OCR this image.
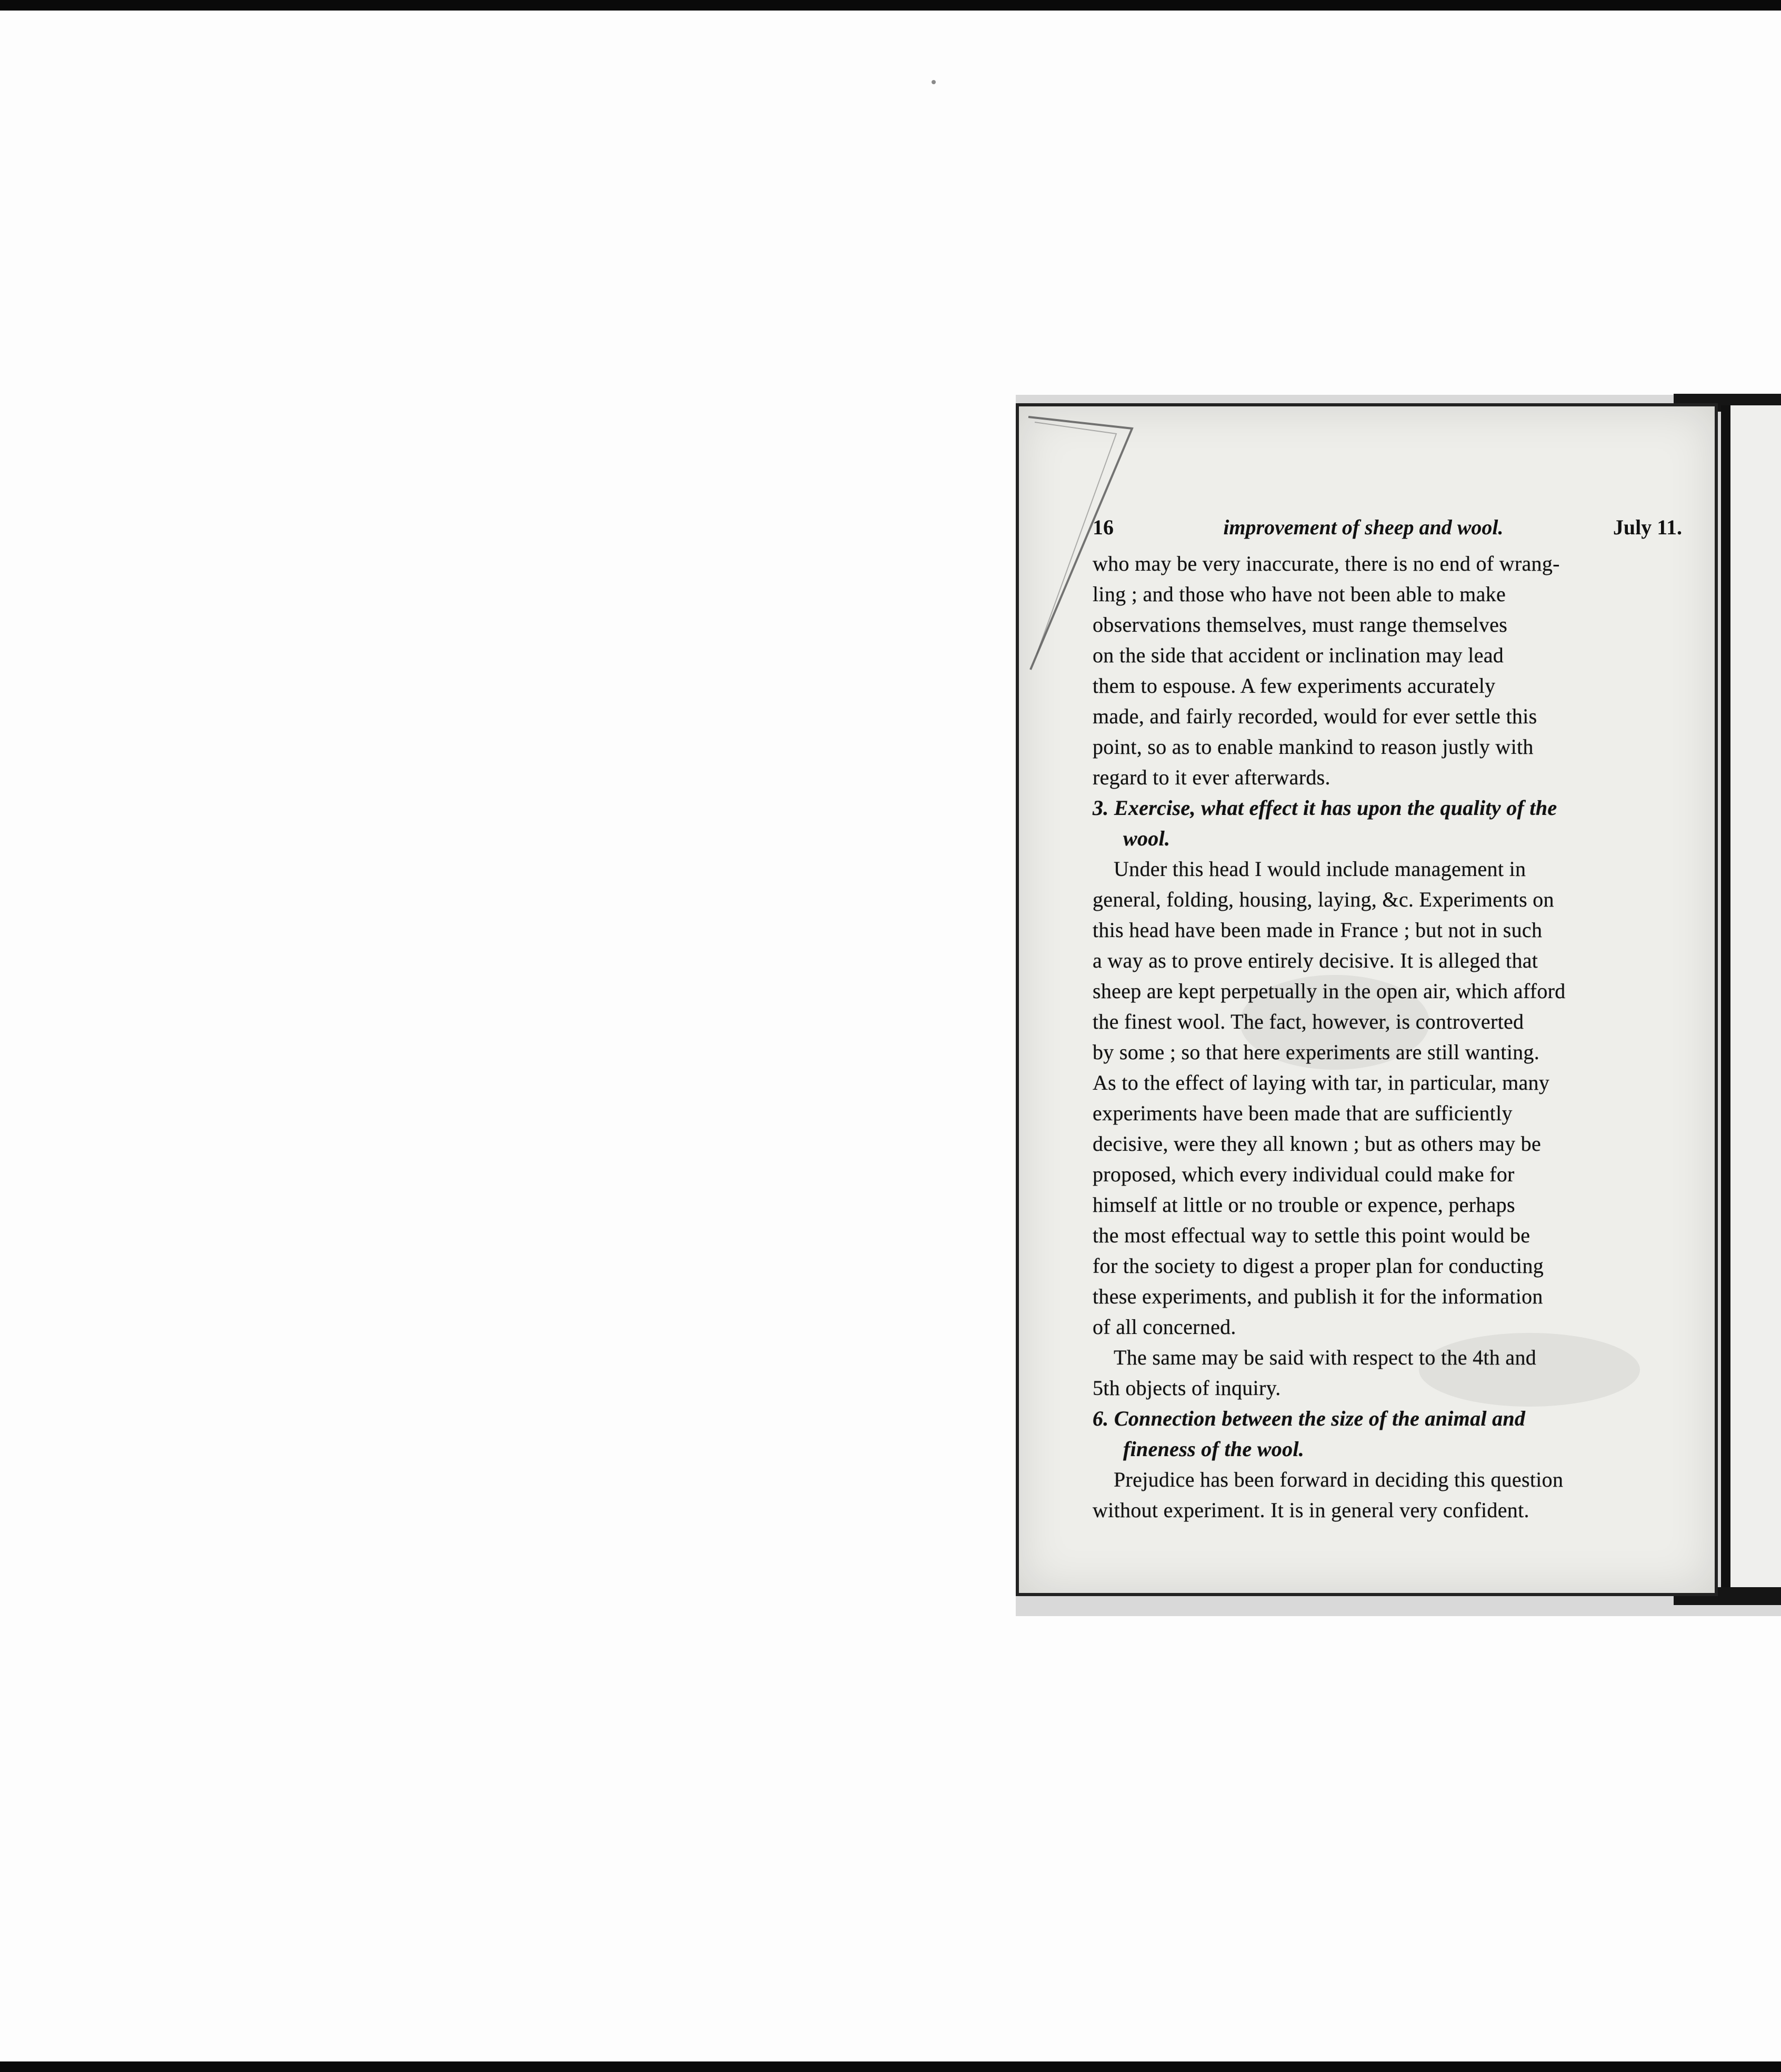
16	improvement of sheep and wool.	July 11.

who may be very inaccurate, there is no end of wrang-

ling ; and those who have not been able to make

observations themselves, must range themselves

on the side that accident or inclination may lead

them to espouse. A few experiments accurately

made, and fairly recorded, would for ever settle this

point, so as to enable mankind to reason justly with

regard to it ever afterwards.

3. Exercise, what effect it has upon the quality of the

wool.

Under this head I would include management in

general, folding, housing, laying, &c. Experiments on

this head have been made in France ; but not in such

a way as to prove entirely decisive. It is alleged that

sheep are kept perpetually in the open air, which afford

the finest wool. The fact, however, is controverted

by some ; so that here experiments are still wanting.

As to the effect of laying with tar, in particular, many

experiments have been made that are sufficiently

decisive, were they all known ; but as others may be

proposed, which every individual could make for

himself at little or no trouble or expence, perhaps

the most effectual way to settle this point would be

for the society to digest a proper plan for conducting

these experiments, and publish it for the information

of all concerned.

The same may be said with respect to the 4th and

5th objects of inquiry.

6. Connection between the size of the animal and

fineness of the wool.

Prejudice has been forward in deciding this question

without experiment. It is in general very confident.
